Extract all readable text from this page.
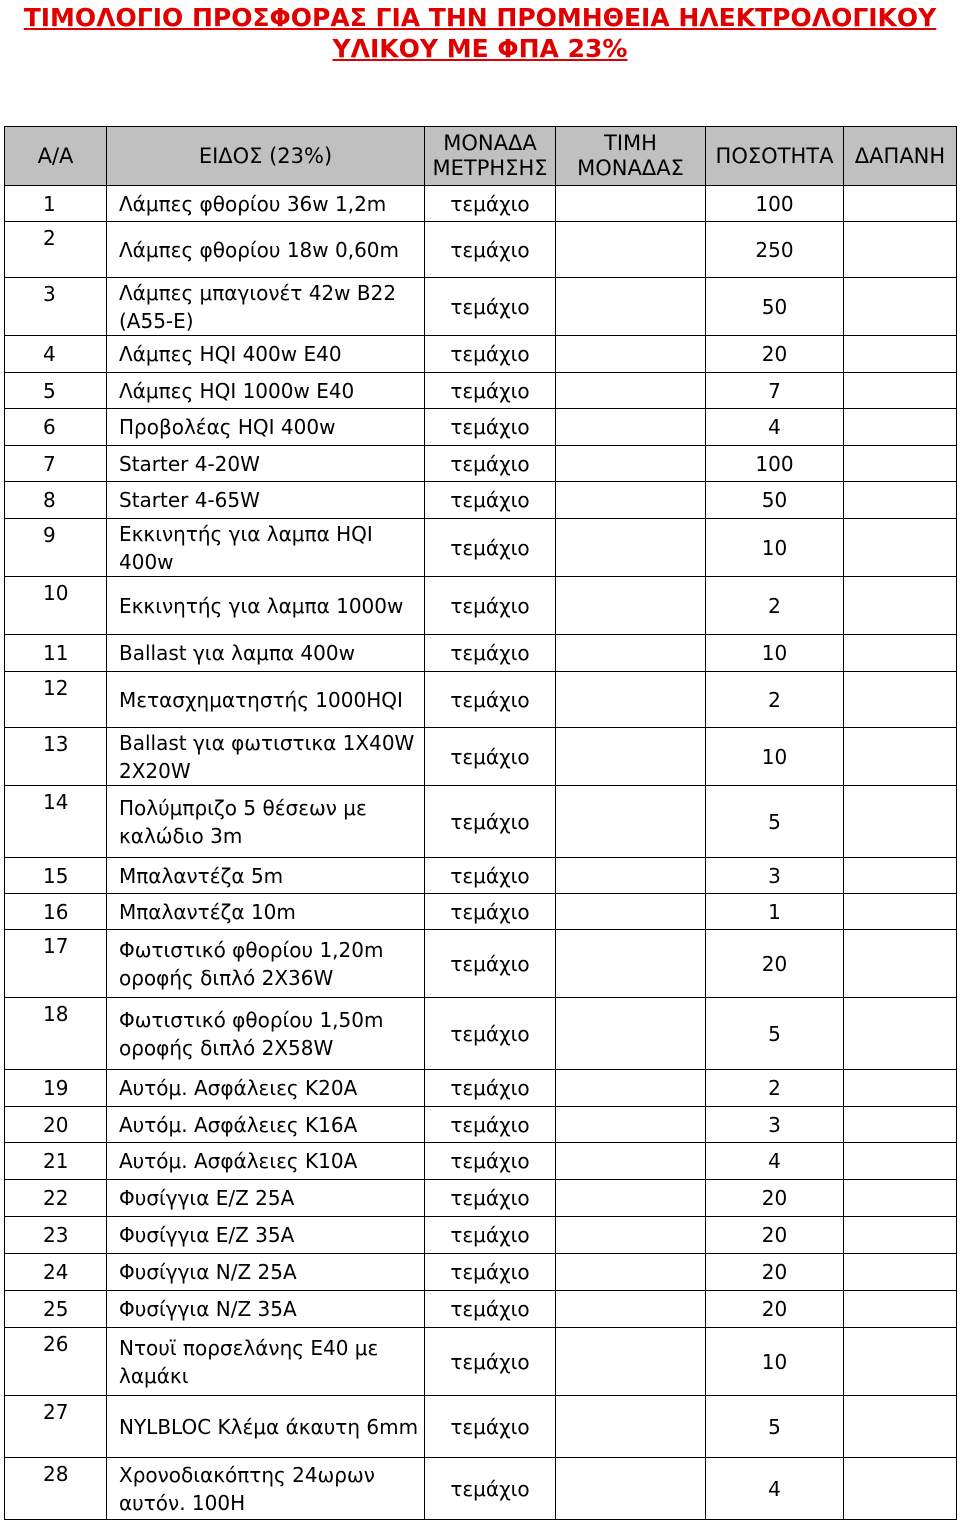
ΤΙΜΟΛΟΓΙΟ ΠΡΟΣΦΟΡΑΣ ΓΙΑ ΤΗΝ ΠΡΟΜΗΘΕΙΑ ΗΛΕΚΤΡΟΛΟΓΙΚΟΥ
ΥΛΙΚΟΥ ΜΕ ΦΠΑ 23%
Α/Α	ΕΙΔΟΣ (23%)	ΜΟΝΑΔΑ ΜΕΤΡΗΣΗΣ	ΤΙΜΗ ΜΟΝΑΔΑΣ	ΠΟΣΟΤΗΤΑ	ΔΑΠΑΝΗ
1	Λάμπες φθορίου 36w 1,2m	τεμάχιο		100	
2	Λάμπες φθορίου 18w 0,60m	τεμάχιο		250	
3	Λάμπες μπαγιονέτ 42w B22 (A55-E)	τεμάχιο		50	
4	Λάμπες HQI 400w E40	τεμάχιο		20	
5	Λάμπες HQI 1000w E40	τεμάχιο		7	
6	Προβολέας HQI 400w	τεμάχιο		4	
7	Starter 4-20W	τεμάχιο		100	
8	Starter 4-65W	τεμάχιο		50	
9	Εκκινητής για λαμπα HQI 400w	τεμάχιο		10	
10	Εκκινητής για λαμπα 1000w	τεμάχιο		2	
11	Ballast για λαμπα 400w	τεμάχιο		10	
12	Μετασχηματηστής 1000HQI	τεμάχιο		2	
13	Ballast για φωτιστικα 1X40W 2X20W	τεμάχιο		10	
14	Πολύμπριζο 5 θέσεων με καλώδιο 3m	τεμάχιο		5	
15	Μπαλαντέζα 5m	τεμάχιο		3	
16	Μπαλαντέζα 10m	τεμάχιο		1	
17	Φωτιστικό φθορίου 1,20m οροφής διπλό 2X36W	τεμάχιο		20	
18	Φωτιστικό φθορίου 1,50m οροφής διπλό 2X58W	τεμάχιο		5	
19	Αυτόμ. Ασφάλειες Κ20Α	τεμάχιο		2	
20	Αυτόμ. Ασφάλειες Κ16Α	τεμάχιο		3	
21	Αυτόμ. Ασφάλειες Κ10Α	τεμάχιο		4	
22	Φυσίγγια Ε/Ζ 25Α	τεμάχιο		20	
23	Φυσίγγια Ε/Ζ 35Α	τεμάχιο		20	
24	Φυσίγγια Ν/Ζ 25Α	τεμάχιο		20	
25	Φυσίγγια Ν/Ζ 35Α	τεμάχιο		20	
26	Ντουϊ πορσελάνης Ε40 με λαμάκι	τεμάχιο		10	
27	NYLBLOC Κλέμα άκαυτη 6mm	τεμάχιο		5	
28	Χρονοδιακόπτης 24ωρων αυτόν. 100Η	τεμάχιο		4	
